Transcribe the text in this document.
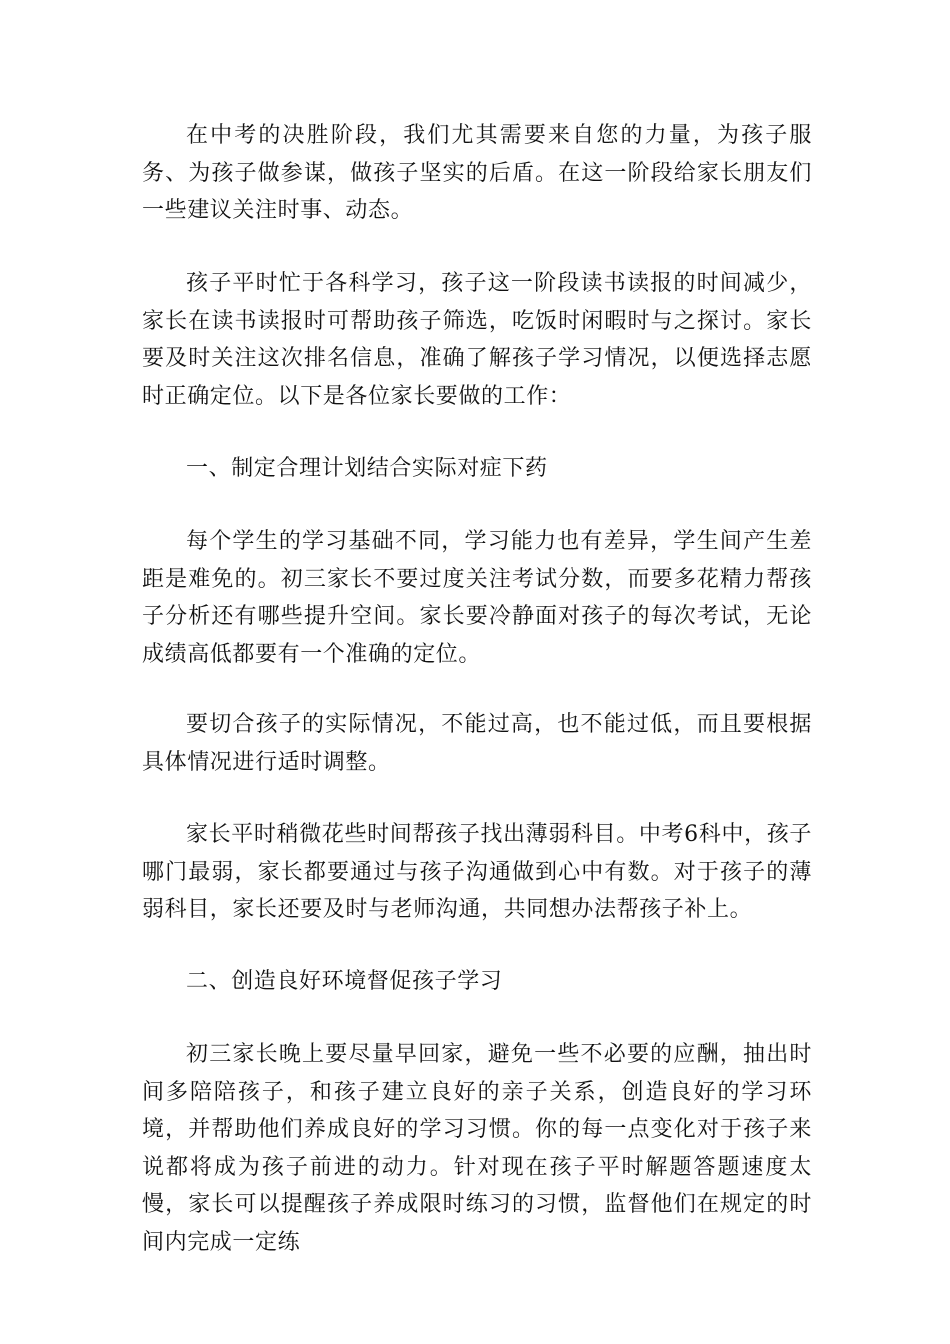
在中考的决胜阶段，我们尤其需要来自您的力量，为孩子服务、为孩子做参谋，做孩子坚实的后盾。在这一阶段给家长朋友们一些建议关注时事、动态。

孩子平时忙于各科学习，孩子这一阶段读书读报的时间减少，家长在读书读报时可帮助孩子筛选，吃饭时闲暇时与之探讨。家长要及时关注这次排名信息，准确了解孩子学习情况，以便选择志愿时正确定位。以下是各位家长要做的工作：

一、制定合理计划结合实际对症下药

每个学生的学习基础不同，学习能力也有差异，学生间产生差距是难免的。初三家长不要过度关注考试分数，而要多花精力帮孩子分析还有哪些提升空间。家长要冷静面对孩子的每次考试，无论成绩高低都要有一个准确的定位。

要切合孩子的实际情况，不能过高，也不能过低，而且要根据具体情况进行适时调整。

家长平时稍微花些时间帮孩子找出薄弱科目。中考6科中，孩子哪门最弱，家长都要通过与孩子沟通做到心中有数。对于孩子的薄弱科目，家长还要及时与老师沟通，共同想办法帮孩子补上。

二、创造良好环境督促孩子学习

初三家长晚上要尽量早回家，避免一些不必要的应酬，抽出时间多陪陪孩子，和孩子建立良好的亲子关系，创造良好的学习环境，并帮助他们养成良好的学习习惯。你的每一点变化对于孩子来说都将成为孩子前进的动力。针对现在孩子平时解题答题速度太慢，家长可以提醒孩子养成限时练习的习惯，监督他们在规定的时间内完成一定练
